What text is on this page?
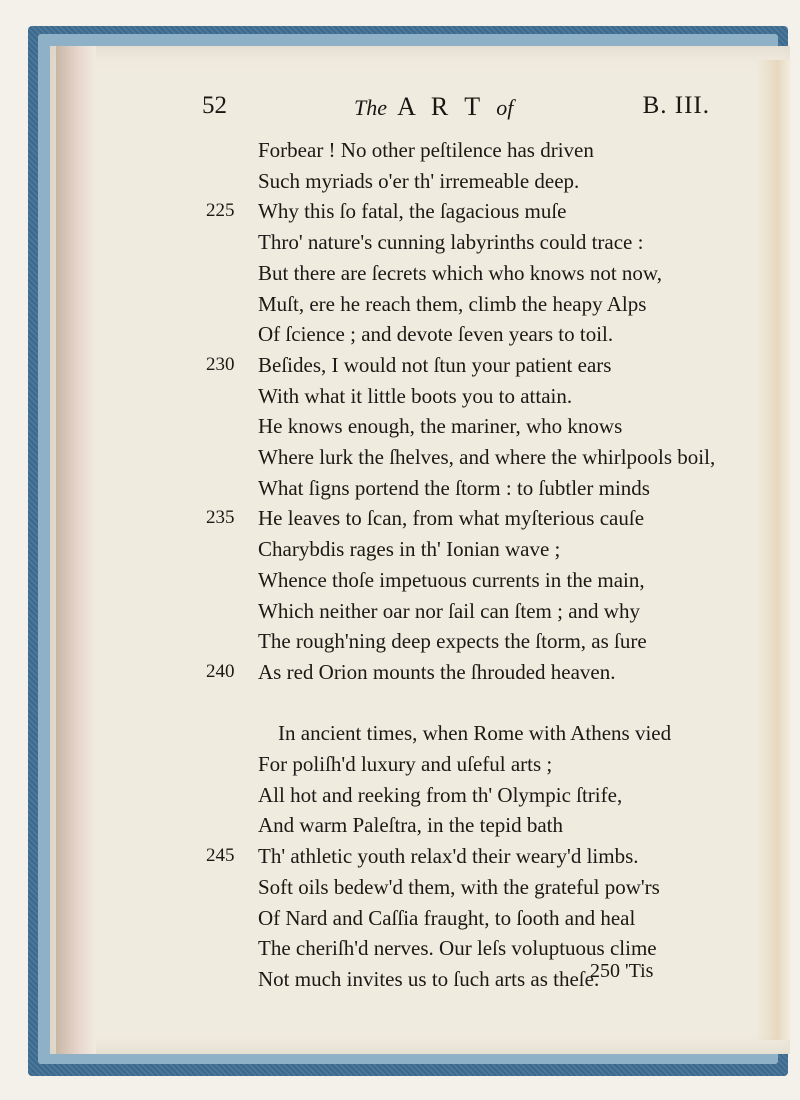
52	The A R T of	B. III.
Forbear ! No other peſtilence has driven
Such myriads o'er th' irremeable deep.
225 Why this ſo fatal, the ſagacious muſe
Thro' nature's cunning labyrinths could trace :
But there are ſecrets which who knows not now,
Muſt, ere he reach them, climb the heapy Alps
Of ſcience ; and devote ſeven years to toil.
230 Beſides, I would not ſtun your patient ears
With what it little boots you to attain.
He knows enough, the mariner, who knows
Where lurk the ſhelves, and where the whirlpools boil,
What ſigns portend the ſtorm : to ſubtler minds
235 He leaves to ſcan, from what myſterious cauſe
Charybdis rages in th' Ionian wave ;
Whence thoſe impetuous currents in the main,
Which neither oar nor ſail can ſtem ; and why
The rough'ning deep expects the ſtorm, as ſure
240 As red Orion mounts the ſhrouded heaven.
In ancient times, when Rome with Athens vied
For poliſh'd luxury and uſeful arts ;
All hot and reeking from th' Olympic ſtrife,
And warm Paleſtra, in the tepid bath
245 Th' athletic youth relax'd their weary'd limbs.
Soft oils bedew'd them, with the grateful pow'rs
Of Nard and Caſſia fraught, to ſooth and heal
The cheriſh'd nerves. Our leſs voluptuous clime
Not much invites us to ſuch arts as theſe.
250 'Tis
